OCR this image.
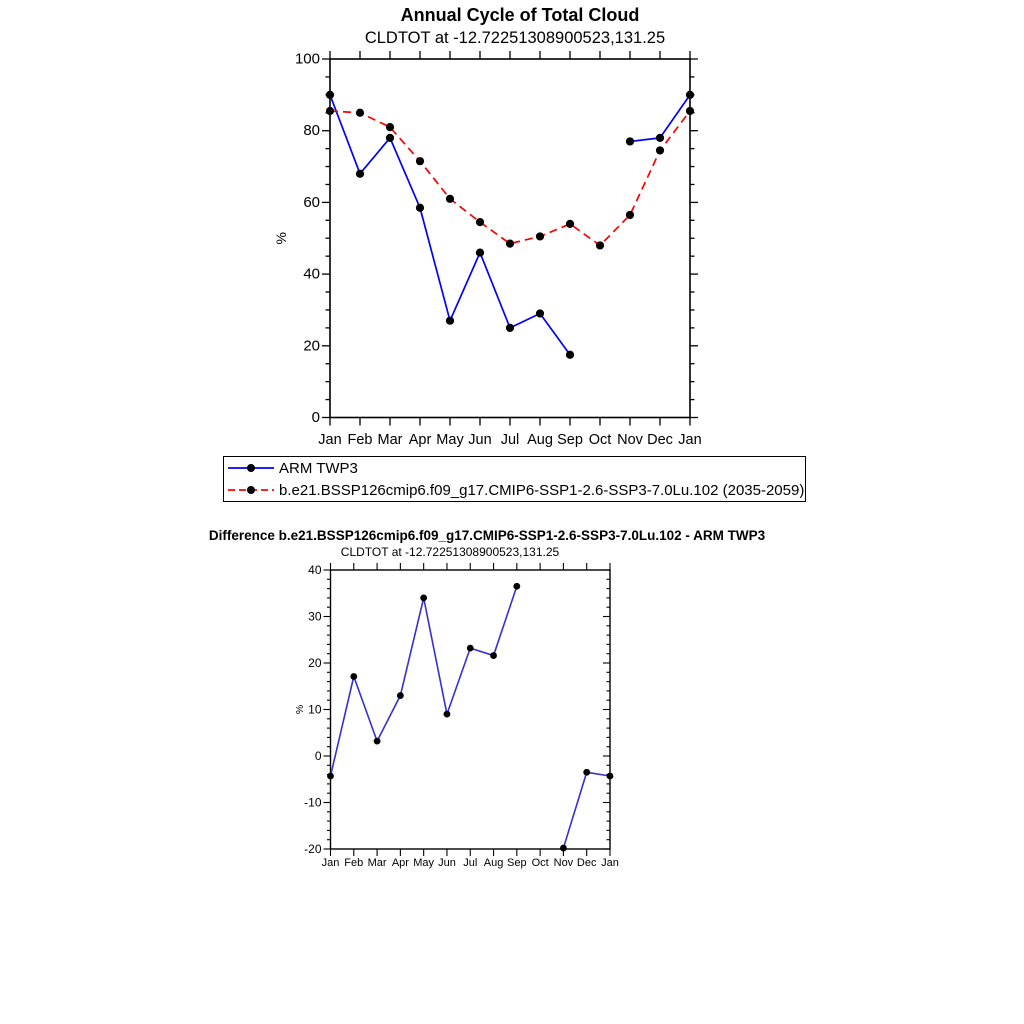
Annual Cycle of Total Cloud
CLDTOT at -12.72251308900523,131.25
0
20
40
60
80
100
Jan Feb Mar Apr May Jun Jul Aug Sep Oct Nov Dec Jan
%
-20
-10
0
10
20
30
40
Jan Feb Mar Apr May Jun Jul Aug Sep Oct Nov Dec Jan
%
ARM TWP3
b.e21.BSSP126cmip6.f09_g17.CMIP6-SSP1-2.6-SSP3-7.0Lu.102 (2035-2059)
Difference b.e21.BSSP126cmip6.f09_g17.CMIP6-SSP1-2.6-SSP3-7.0Lu.102 - ARM TWP3
CLDTOT at -12.72251308900523,131.25
